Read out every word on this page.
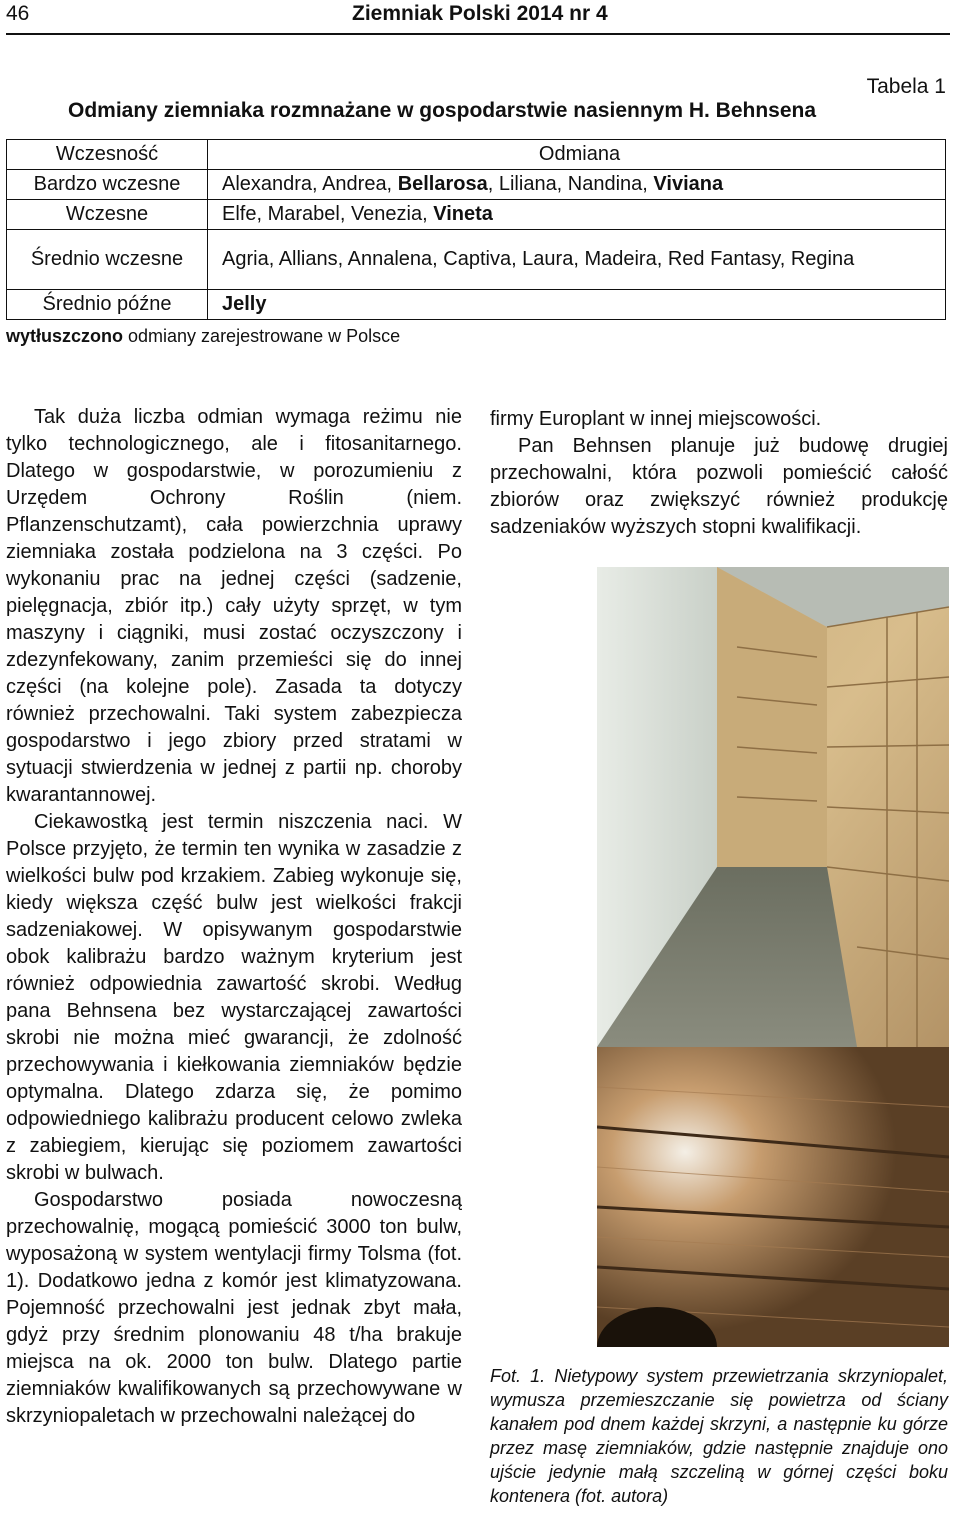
46	Ziemniak Polski 2014 nr 4
Tabela 1
Odmiany ziemniaka rozmnażane w gospodarstwie nasiennym H. Behnsena
Wczesność	Odmiana
Bardzo wczesne	Alexandra, Andrea, Bellarosa, Liliana, Nandina, Viviana
Wczesne	Elfe, Marabel, Venezia, Vineta
Średnio wczesne	Agria, Allians, Annalena, Captiva, Laura, Madeira, Red Fantasy, Regina
Średnio późne	Jelly
wytłuszczono odmiany zarejestrowane w Polsce

Tak duża liczba odmian wymaga reżimu nie tylko technologicznego, ale i fitosanitarnego. Dlatego w gospodarstwie, w porozumieniu z Urzędem Ochrony Roślin (niem. Pflanzenschutzamt), cała powierzchnia uprawy ziemniaka została podzielona na 3 części. Po wykonaniu prac na jednej części (sadzenie, pielęgnacja, zbiór itp.) cały użyty sprzęt, w tym maszyny i ciągniki, musi zostać oczyszczony i zdezynfekowany, zanim przemieści się do innej części (na kolejne pole). Zasada ta dotyczy również przechowalni. Taki system zabezpiecza gospodarstwo i jego zbiory przed stratami w sytuacji stwierdzenia w jednej z partii np. choroby kwarantannowej.

Ciekawostką jest termin niszczenia naci. W Polsce przyjęto, że termin ten wynika w zasadzie z wielkości bulw pod krzakiem. Zabieg wykonuje się, kiedy większa część bulw jest wielkości frakcji sadzeniakowej. W opisywanym gospodarstwie obok kalibrażu bardzo ważnym kryterium jest również odpowiednia zawartość skrobi. Według pana Behnsena bez wystarczającej zawartości skrobi nie można mieć gwarancji, że zdolność przechowywania i kiełkowania ziemniaków będzie optymalna. Dlatego zdarza się, że pomimo odpowiedniego kalibrażu producent celowo zwleka z zabiegiem, kierując się poziomem zawartości skrobi w bulwach.

Gospodarstwo posiada nowoczesną przechowalnię, mogącą pomieścić 3000 ton bulw, wyposażoną w system wentylacji firmy Tolsma (fot. 1). Dodatkowo jedna z komór jest klimatyzowana. Pojemność przechowalni jest jednak zbyt mała, gdyż przy średnim plonowaniu 48 t/ha brakuje miejsca na ok. 2000 ton bulw. Dlatego partie ziemniaków kwalifikowanych są przechowywane w skrzyniopaletach w przechowalni należącej do

firmy Europlant w innej miejscowości.

Pan Behnsen planuje już budowę drugiej przechowalni, która pozwoli pomieścić całość zbiorów oraz zwiększyć również produkcję sadzeniaków wyższych stopni kwalifikacji.

Fot. 1. Nietypowy system przewietrzania skrzyniopalet, wymusza przemieszczanie się powietrza od ściany kanałem pod dnem każdej skrzyni, a następnie ku górze przez masę ziemniaków, gdzie następnie znajduje ono ujście jedynie małą szczeliną w górnej części boku kontenera (fot. autora)
